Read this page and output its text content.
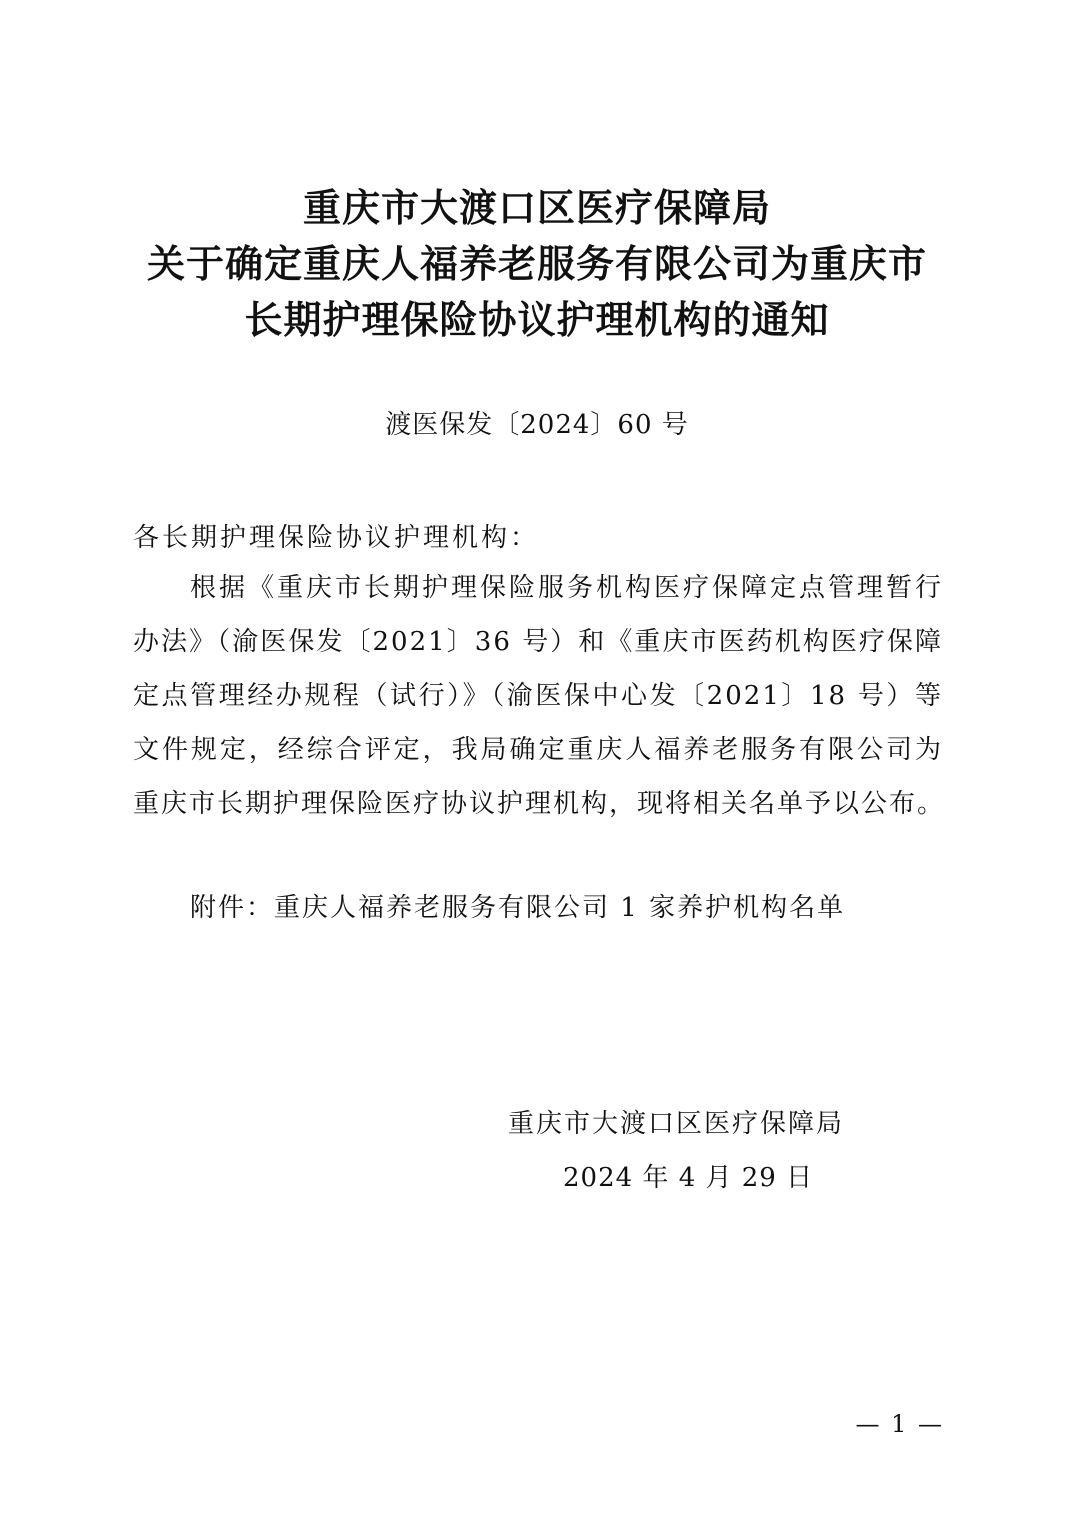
重庆市大渡口区医疗保障局
关于确定重庆人福养老服务有限公司为重庆市
长期护理保险协议护理机构的通知
渡医保发〔2024〕60 号
各长期护理保险协议护理机构：
根据《重庆市长期护理保险服务机构医疗保障定点管理暂行
办法》（渝医保发〔2021〕36 号）和《重庆市医药机构医疗保障
定点管理经办规程（试行）》（渝医保中心发〔2021〕18 号）等
文件规定，经综合评定，我局确定重庆人福养老服务有限公司为
重庆市长期护理保险医疗协议护理机构，现将相关名单予以公布。
附件：重庆人福养老服务有限公司 1 家养护机构名单
重庆市大渡口区医疗保障局
2024 年 4 月 29 日
— 1 —
